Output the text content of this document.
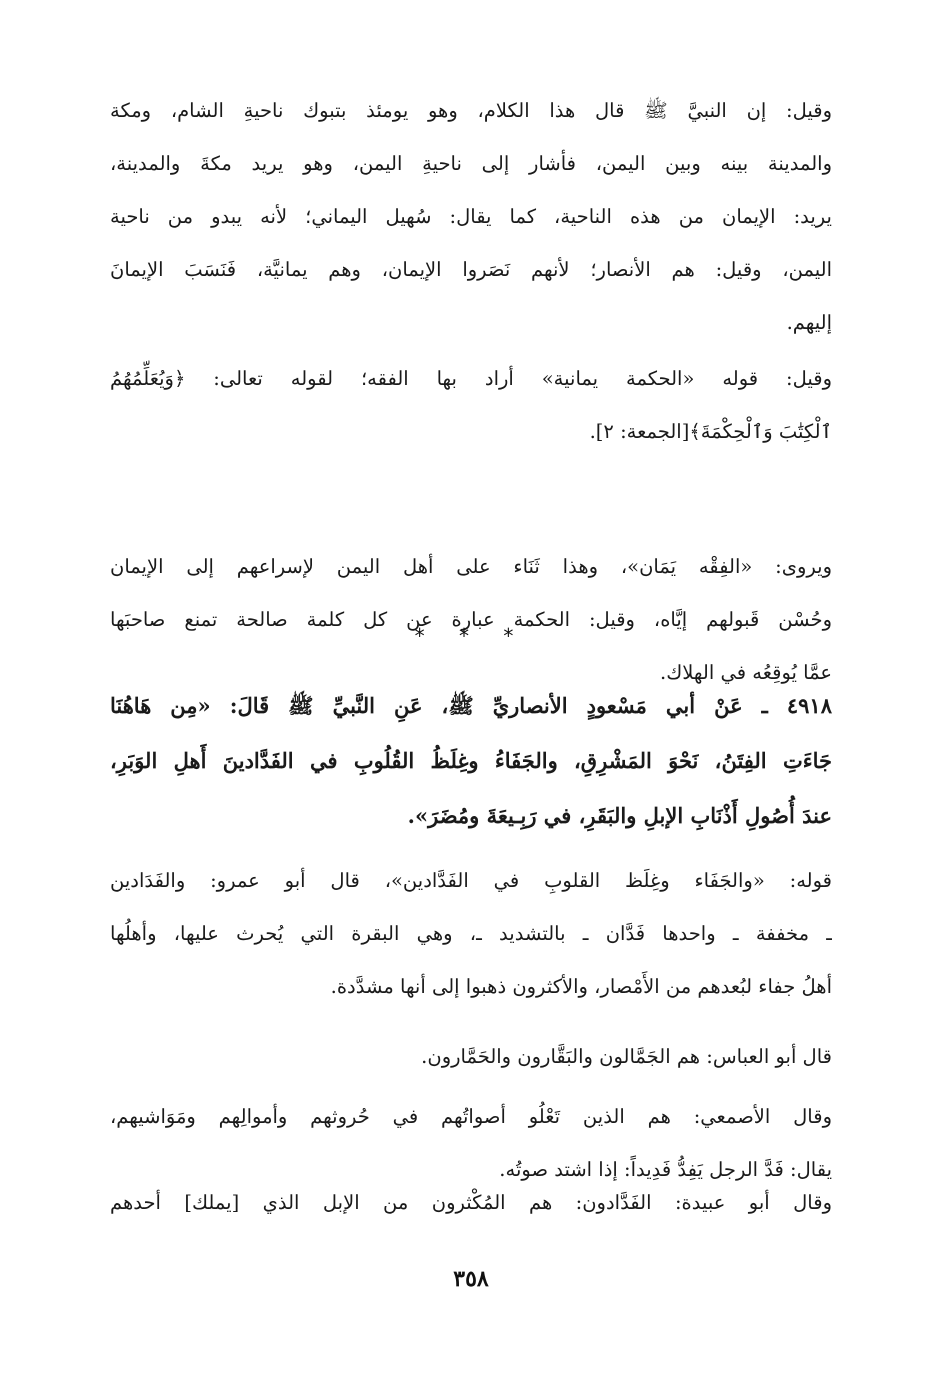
وقيل: إن النبيَّ ﷺ قال هذا الكلام، وهو يومئذ بتبوك ناحيةِ الشام، ومكة
والمدينة بينه وبين اليمن، فأشار إلى ناحيةِ اليمن، وهو يريد مكةَ والمدينة،
يريد: الإيمان من هذه الناحية، كما يقال: سُهيل اليماني؛ لأنه يبدو من ناحية
اليمن، وقيل: هم الأنصار؛ لأنهم نَصَروا الإيمان، وهم يمانيَّة، فَنَسَبَ الإيمانَ
إليهم.
وقيل: قوله «الحكمة يمانية» أراد بها الفقه؛ لقوله تعالى: ﴿وَيُعَلِّمُهُمُ
ٱلْكِتَٰبَ وَٱلْحِكْمَةَ﴾[الجمعة: ٢].
ويروى: «الفِقْه يَمَان»، وهذا ثَنَاء على أهل اليمن لإسراعهم إلى الإيمان
وحُسْن قَبولهم إيَّاه، وقيل: الحكمة عبارة عن كل كلمة صالحة تمنع صاحبَها
عمَّا يُوقِعُه في الهلاك.
٤٩١٨ ـ عَنْ أبي مَسْعودٍ الأنصاريِّ ﷺ، عَنِ النَّبيِّ ﷺ قَالَ: «مِن هَاهُنَا
جَاءَتِ الفِتَنُ، نَحْوَ المَشْرِقِ، والجَفَاءُ وغِلَظُ القُلُوبِ في الفَدَّادينَ أَهلِ الوَبَرِ،
عندَ أُصُولِ أَذْنَابِ الإبلِ والبَقَرِ، في رَبِـيعَةَ ومُضَرَ».
قوله: «والجَفَاء وغِلَظ القلوبِ في الفَدَّادين»، قال أبو عمرو: والفَدَادين
ـ مخففة ـ واحدها فَدَّان ـ بالتشديد ـ، وهي البقرة التي يُحرث عليها، وأهلُها
أهلُ جفاء لبُعدهم من الأَمْصار، والأكثرون ذهبوا إلى أنها مشدَّدة.
قال أبو العباس: هم الجَمَّالون والبَقَّارون والحَمَّارون.
وقال الأصمعي: هم الذين تَعْلُو أصواتُهم في حُروثهم وأموالِهم ومَوَاشيهم،
يقال: فَدَّ الرجل يَفِدُّ فَدِيداً: إذا اشتد صوتُه.
وقال أبو عبيدة: الفَدَّادون: هم المُكْثرون من الإبل الذي [يملك] أحدهم
* * *
٣٥٨
